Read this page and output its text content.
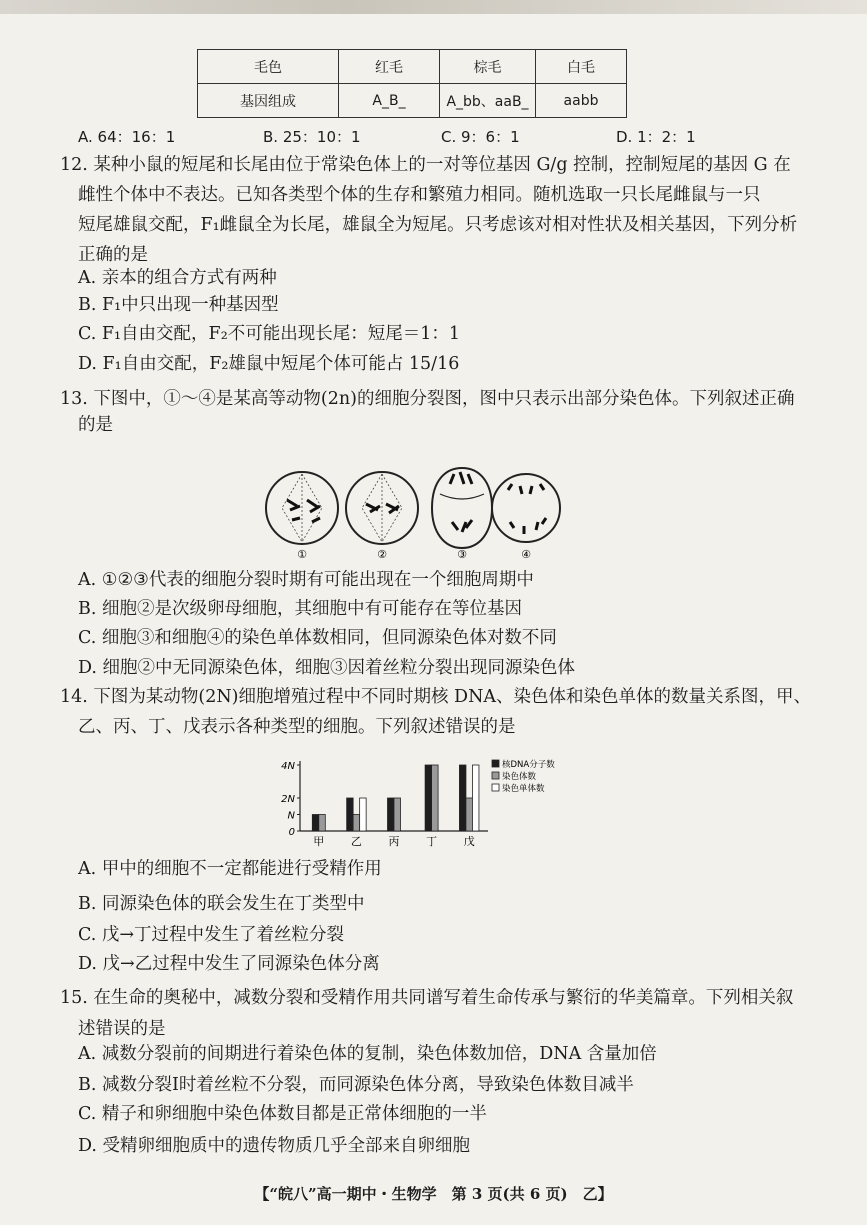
毛色	红毛	棕毛	白毛
基因组成	A_B_	A_bb、aaB_	aabb
A. 64：16：1	B. 25：10：1	C. 9：6：1	D. 1：2：1
12. 某种小鼠的短尾和长尾由位于常染色体上的一对等位基因 G/g 控制，控制短尾的基因 G 在
雌性个体中不表达。已知各类型个体的生存和繁殖力相同。随机选取一只长尾雌鼠与一只
短尾雄鼠交配，F₁雌鼠全为长尾，雄鼠全为短尾。只考虑该对相对性状及相关基因，下列分析
正确的是
A. 亲本的组合方式有两种
B. F₁中只出现一种基因型
C. F₁自由交配，F₂不可能出现长尾：短尾＝1：1
D. F₁自由交配，F₂雄鼠中短尾个体可能占 15/16
13. 下图中，①～④是某高等动物(2n)的细胞分裂图，图中只表示出部分染色体。下列叙述正确
的是
①	②	③	④
A. ①②③代表的细胞分裂时期有可能出现在一个细胞周期中
B. 细胞②是次级卵母细胞，其细胞中有可能存在等位基因
C. 细胞③和细胞④的染色单体数相同，但同源染色体对数不同
D. 细胞②中无同源染色体，细胞③因着丝粒分裂出现同源染色体
14. 下图为某动物(2N)细胞增殖过程中不同时期核 DNA、染色体和染色单体的数量关系图，甲、
乙、丙、丁、戊表示各种类型的细胞。下列叙述错误的是
4N
2N
N
0
甲 乙 丙 丁 戊
核DNA分子数
染色体数
染色单体数
A. 甲中的细胞不一定都能进行受精作用
B. 同源染色体的联会发生在丁类型中
C. 戊→丁过程中发生了着丝粒分裂
D. 戊→乙过程中发生了同源染色体分离
15. 在生命的奥秘中，减数分裂和受精作用共同谱写着生命传承与繁衍的华美篇章。下列相关叙
述错误的是
A. 减数分裂前的间期进行着染色体的复制，染色体数加倍，DNA 含量加倍
B. 减数分裂Ⅰ时着丝粒不分裂，而同源染色体分离，导致染色体数目减半
C. 精子和卵细胞中染色体数目都是正常体细胞的一半
D. 受精卵细胞质中的遗传物质几乎全部来自卵细胞
【“皖八”高一期中・生物学　第 3 页(共 6 页)　乙】
